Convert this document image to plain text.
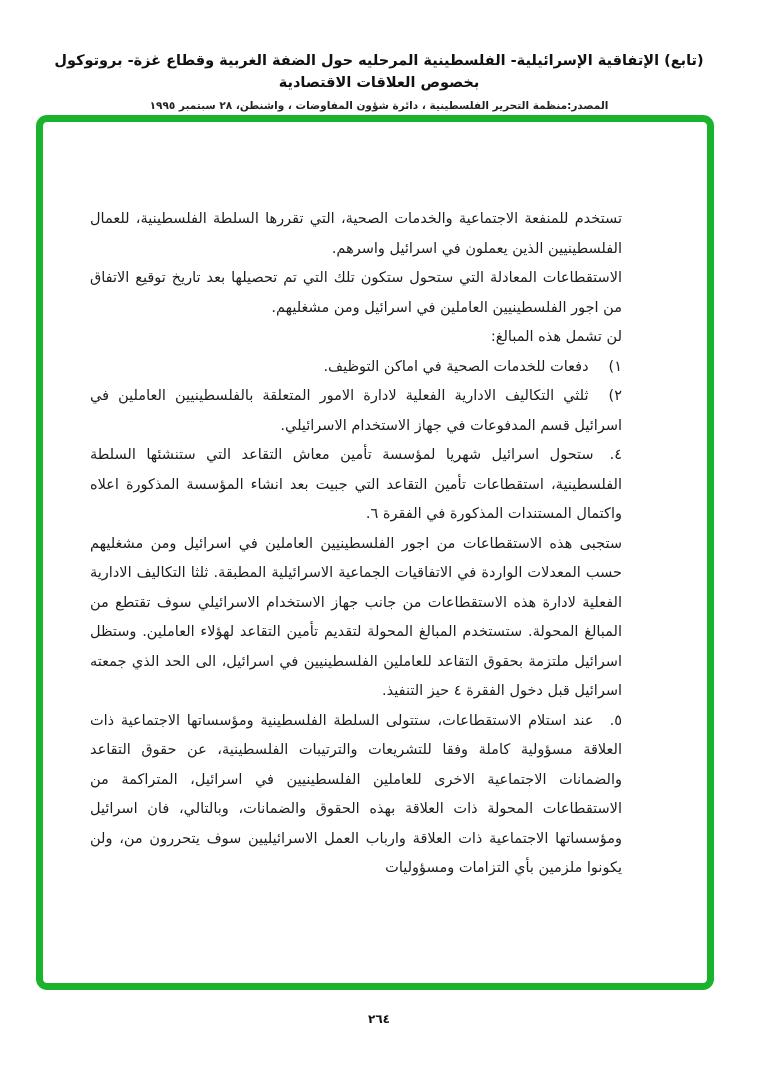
(تابع) الإتفاقية الإسرائيلية- الفلسطينية المرحليه حول الضفة الغربية وقطاع غزة- بروتوكول بخصوص العلاقات الاقتصادية
المصدر:منظمة التحرير الفلسطينية ، دائرة شؤون المفاوضات ، واشنطن، ٢٨ سبتمبر ١٩٩٥

تستخدم للمنفعة الاجتماعية والخدمات الصحية، التي تقررها السلطة الفلسطينية، للعمال الفلسطينيين الذين يعملون في اسرائيل واسرهم.

الاستقطاعات المعادلة التي ستحول ستكون تلك التي تم تحصيلها بعد تاريخ توقيع الاتفاق من اجور الفلسطينيين العاملين في اسرائيل ومن مشغليهم.

لن تشمل هذه المبالغ:

١)دفعات للخدمات الصحية في اماكن التوظيف.

٢)ثلثي التكاليف الادارية الفعلية لادارة الامور المتعلقة بالفلسطينيين العاملين في اسرائيل قسم المدفوعات في جهاز الاستخدام الاسرائيلي.

٤.ستحول اسرائيل شهريا لمؤسسة تأمين معاش التقاعد التي ستنشئها السلطة الفلسطينية، استقطاعات تأمين التقاعد التي جبيت بعد انشاء المؤسسة المذكورة اعلاه واكتمال المستندات المذكورة في الفقرة ٦.

ستجبى هذه الاستقطاعات من اجور الفلسطينيين العاملين في اسرائيل ومن مشغليهم حسب المعدلات الواردة في الاتفاقيات الجماعية الاسرائيلية المطبقة. ثلثا التكاليف الادارية الفعلية لادارة هذه الاستقطاعات من جانب جهاز الاستخدام الاسرائيلي سوف تقتطع من المبالغ المحولة. ستستخدم المبالغ المحولة لتقديم تأمين التقاعد لهؤلاء العاملين. وستظل اسرائيل ملتزمة بحقوق التقاعد للعاملين الفلسطينيين في اسرائيل، الى الحد الذي جمعته اسرائيل قبل دخول الفقرة ٤ حيز التنفيذ.

٥.عند استلام الاستقطاعات، ستتولى السلطة الفلسطينية ومؤسساتها الاجتماعية ذات العلاقة مسؤولية كاملة وفقا للتشريعات والترتيبات الفلسطينية، عن حقوق التقاعد والضمانات الاجتماعية الاخرى للعاملين الفلسطينيين في اسرائيل، المتراكمة من الاستقطاعات المحولة ذات العلاقة بهذه الحقوق والضمانات، وبالتالي، فان اسرائيل ومؤسساتها الاجتماعية ذات العلاقة وارباب العمل الاسرائيليين سوف يتحررون من، ولن يكونوا ملزمين بأي التزامات ومسؤوليات

٢٦٤
